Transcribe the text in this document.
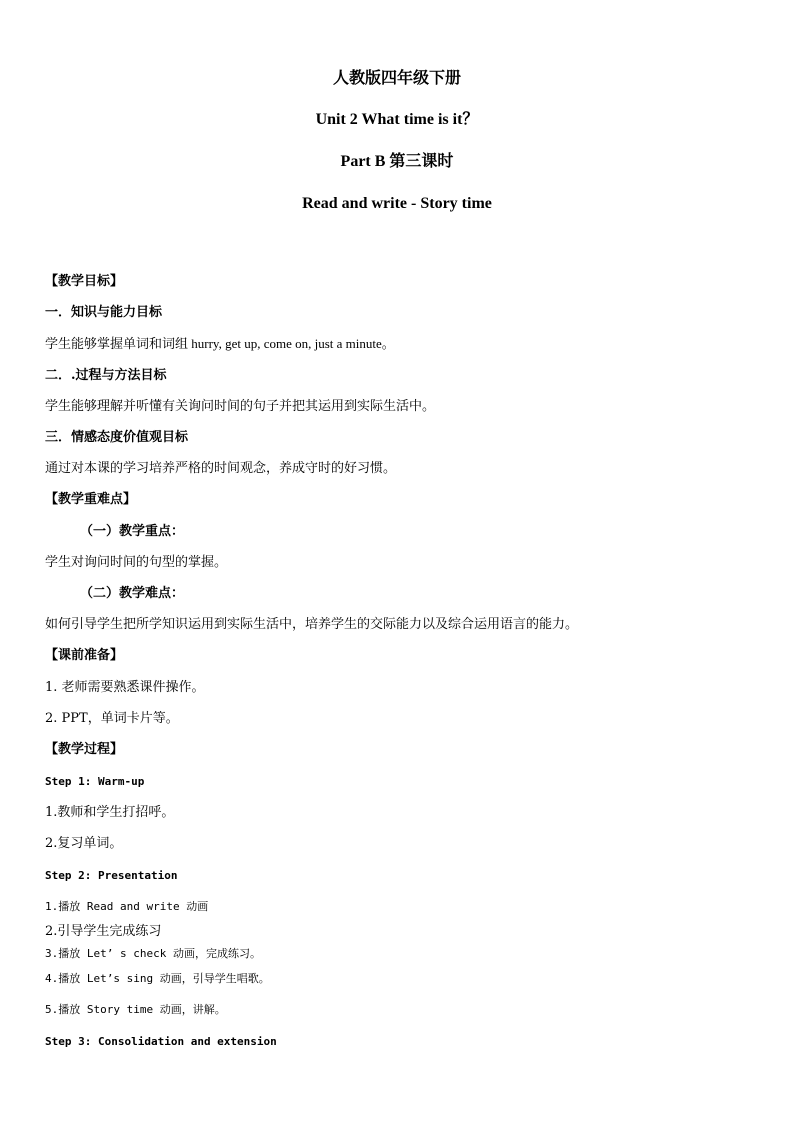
人教版四年级下册
Unit 2 What time is it？
Part B 第三课时
Read and write - Story time
【教学目标】
一．知识与能力目标
学生能够掌握单词和词组 hurry, get up, come on, just a minute。
二．.过程与方法目标
学生能够理解并听懂有关询问时间的句子并把其运用到实际生活中。
三．情感态度价值观目标
通过对本课的学习培养严格的时间观念，养成守时的好习惯。
【教学重难点】
（一）教学重点：
学生对询问时间的句型的掌握。
（二）教学难点：
如何引导学生把所学知识运用到实际生活中，培养学生的交际能力以及综合运用语言的能力。
【课前准备】
1. 老师需要熟悉课件操作。
2. PPT，单词卡片等。
【教学过程】
Step 1: Warm-up
1.教师和学生打招呼。
2.复习单词。
Step 2: Presentation
1.播放 Read and write 动画
2.引导学生完成练习
3.播放 Let’ s check 动画，完成练习。
4.播放 Let’s sing 动画，引导学生唱歌。
5.播放 Story time 动画，讲解。
Step 3: Consolidation and extension
